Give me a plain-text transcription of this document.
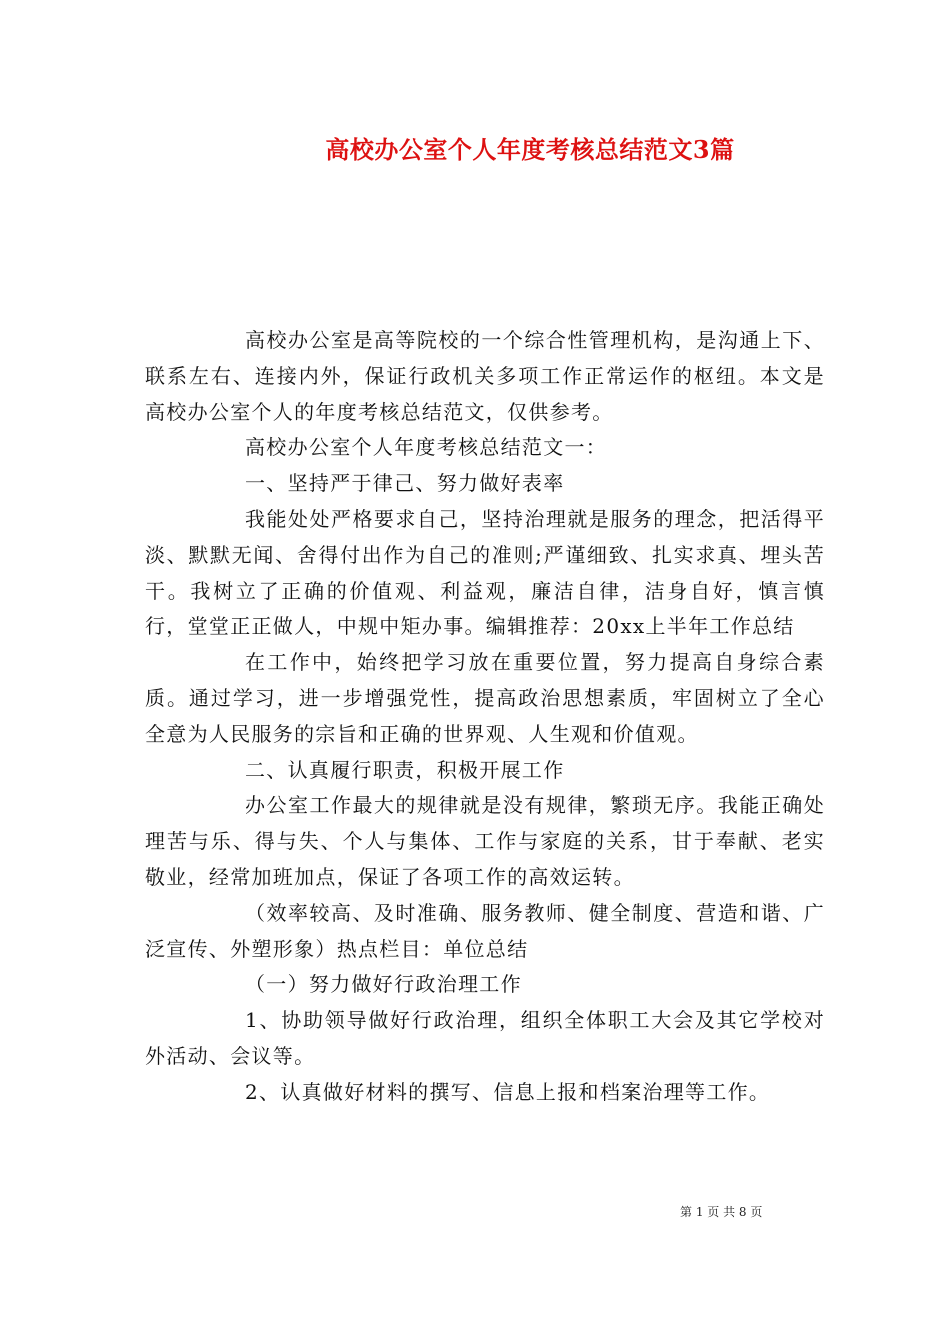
高校办公室个人年度考核总结范文3篇

高校办公室是高等院校的一个综合性管理机构，是沟通上下、联系左右、连接内外，保证行政机关多项工作正常运作的枢纽。本文是高校办公室个人的年度考核总结范文，仅供参考。

高校办公室个人年度考核总结范文一：

一、坚持严于律己、努力做好表率

我能处处严格要求自己，坚持治理就是服务的理念，把活得平淡、默默无闻、舍得付出作为自己的准则;严谨细致、扎实求真、埋头苦干。我树立了正确的价值观、利益观，廉洁自律，洁身自好，慎言慎行，堂堂正正做人，中规中矩办事。编辑推荐：20xx上半年工作总结

在工作中，始终把学习放在重要位置，努力提高自身综合素质。通过学习，进一步增强党性，提高政治思想素质，牢固树立了全心全意为人民服务的宗旨和正确的世界观、人生观和价值观。

二、认真履行职责，积极开展工作

办公室工作最大的规律就是没有规律，繁琐无序。我能正确处理苦与乐、得与失、个人与集体、工作与家庭的关系，甘于奉献、老实敬业，经常加班加点，保证了各项工作的高效运转。

（效率较高、及时准确、服务教师、健全制度、营造和谐、广泛宣传、外塑形象）热点栏目：单位总结

（一）努力做好行政治理工作

1、协助领导做好行政治理，组织全体职工大会及其它学校对外活动、会议等。

2、认真做好材料的撰写、信息上报和档案治理等工作。

第 1 页 共 8 页
